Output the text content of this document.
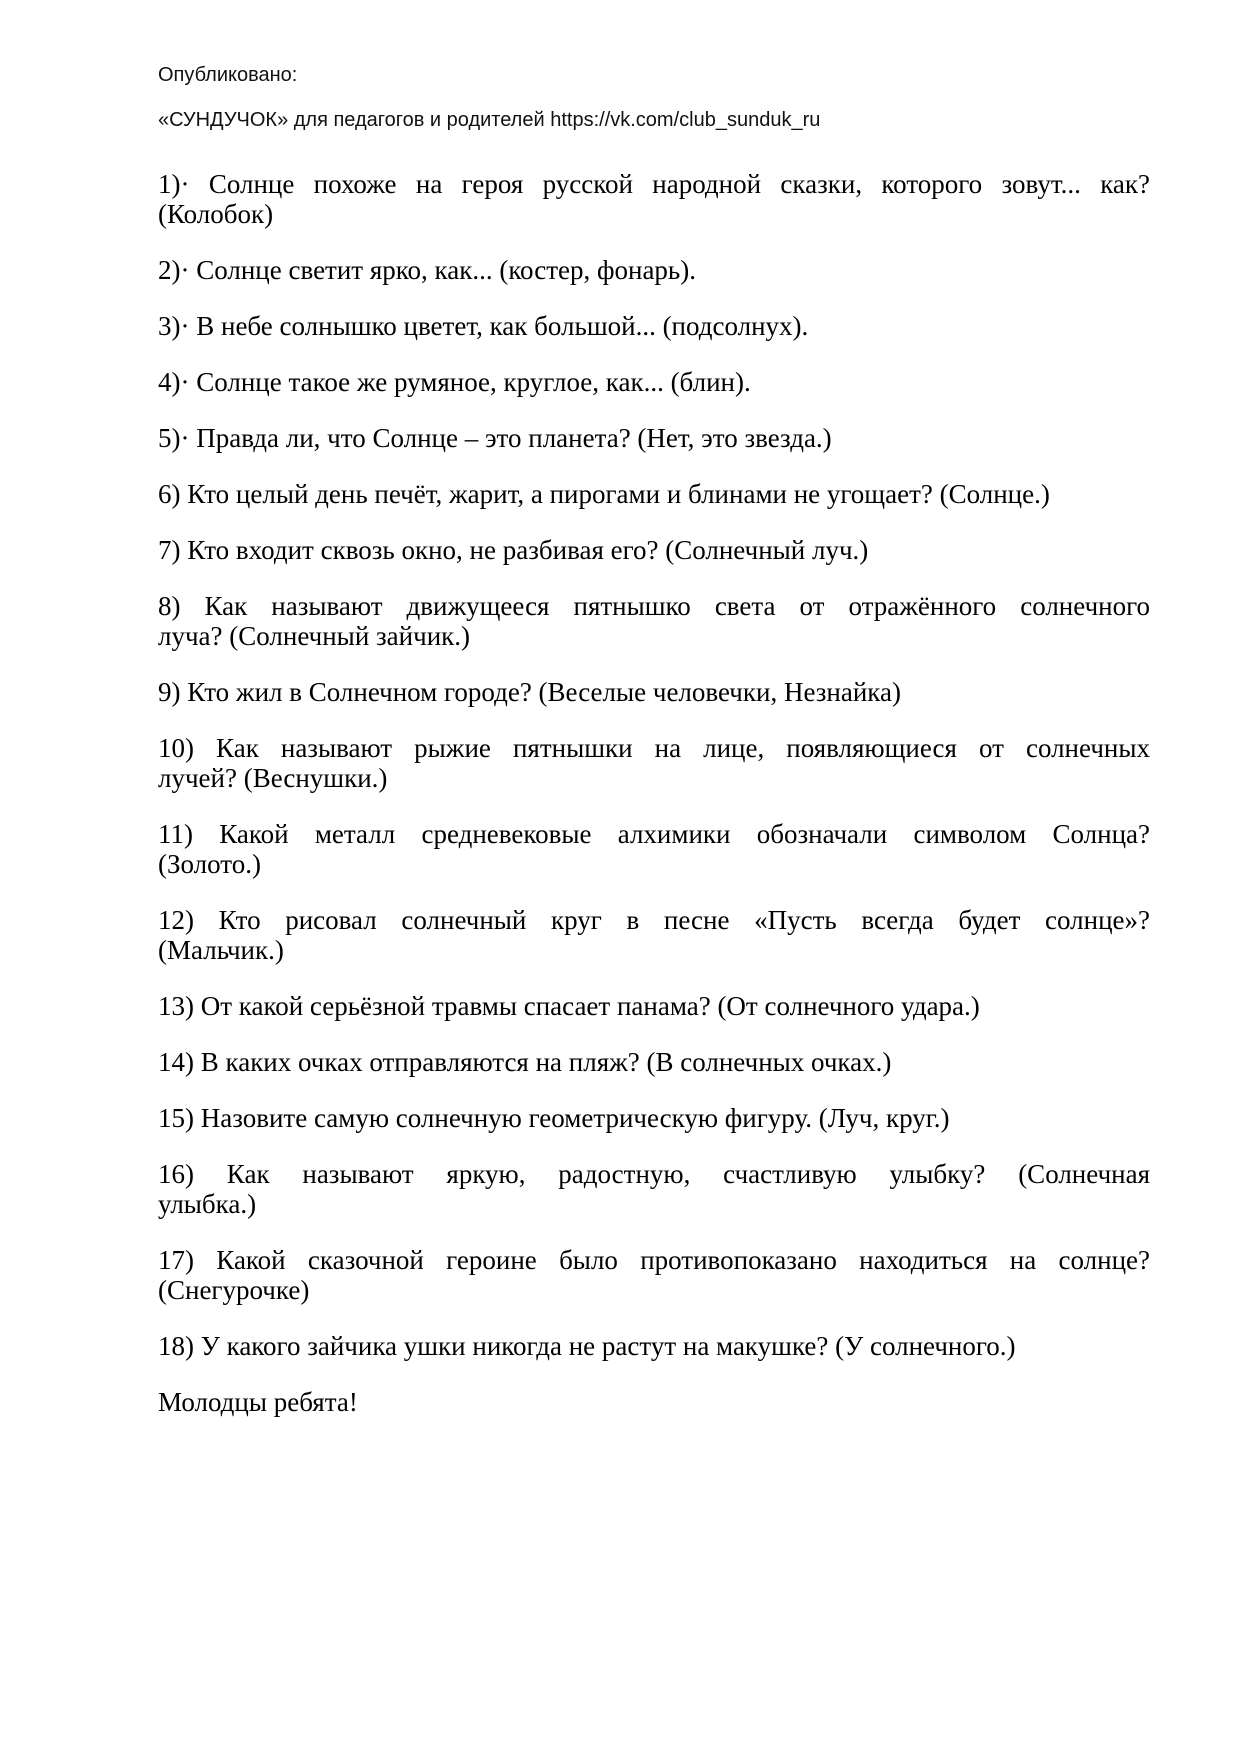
Опубликовано:

«СУНДУЧОК» для педагогов и родителей https://vk.com/club_sunduk_ru

1)· Солнце похоже на героя русской народной сказки, которого зовут... как?
(Колобок)
2)· Солнце светит ярко, как... (костер, фонарь).
3)· В небе солнышко цветет, как большой... (подсолнух).
4)· Солнце такое же румяное, круглое, как... (блин).
5)· Правда ли, что Солнце – это планета? (Нет, это звезда.)
6) Кто целый день печёт, жарит, а пирогами и блинами не угощает? (Солнце.)
7) Кто входит сквозь окно, не разбивая его? (Солнечный луч.)
8) Как называют движущееся пятнышко света от отражённого солнечного
луча? (Солнечный зайчик.)
9) Кто жил в Солнечном городе? (Веселые человечки, Незнайка)
10) Как называют рыжие пятнышки на лице, появляющиеся от солнечных
лучей? (Веснушки.)
11) Какой металл средневековые алхимики обозначали символом Солнца?
(Золото.)
12) Кто рисовал солнечный круг в песне «Пусть всегда будет солнце»?
(Мальчик.)
13) От какой серьёзной травмы спасает панама? (От солнечного удара.)
14) В каких очках отправляются на пляж? (В солнечных очках.)
15) Назовите самую солнечную геометрическую фигуру. (Луч, круг.)
16) Как называют яркую, радостную, счастливую улыбку? (Солнечная
улыбка.)
17) Какой сказочной героине было противопоказано находиться на солнце?
(Снегурочке)
18) У какого зайчика ушки никогда не растут на макушке? (У солнечного.)

Молодцы ребята!
